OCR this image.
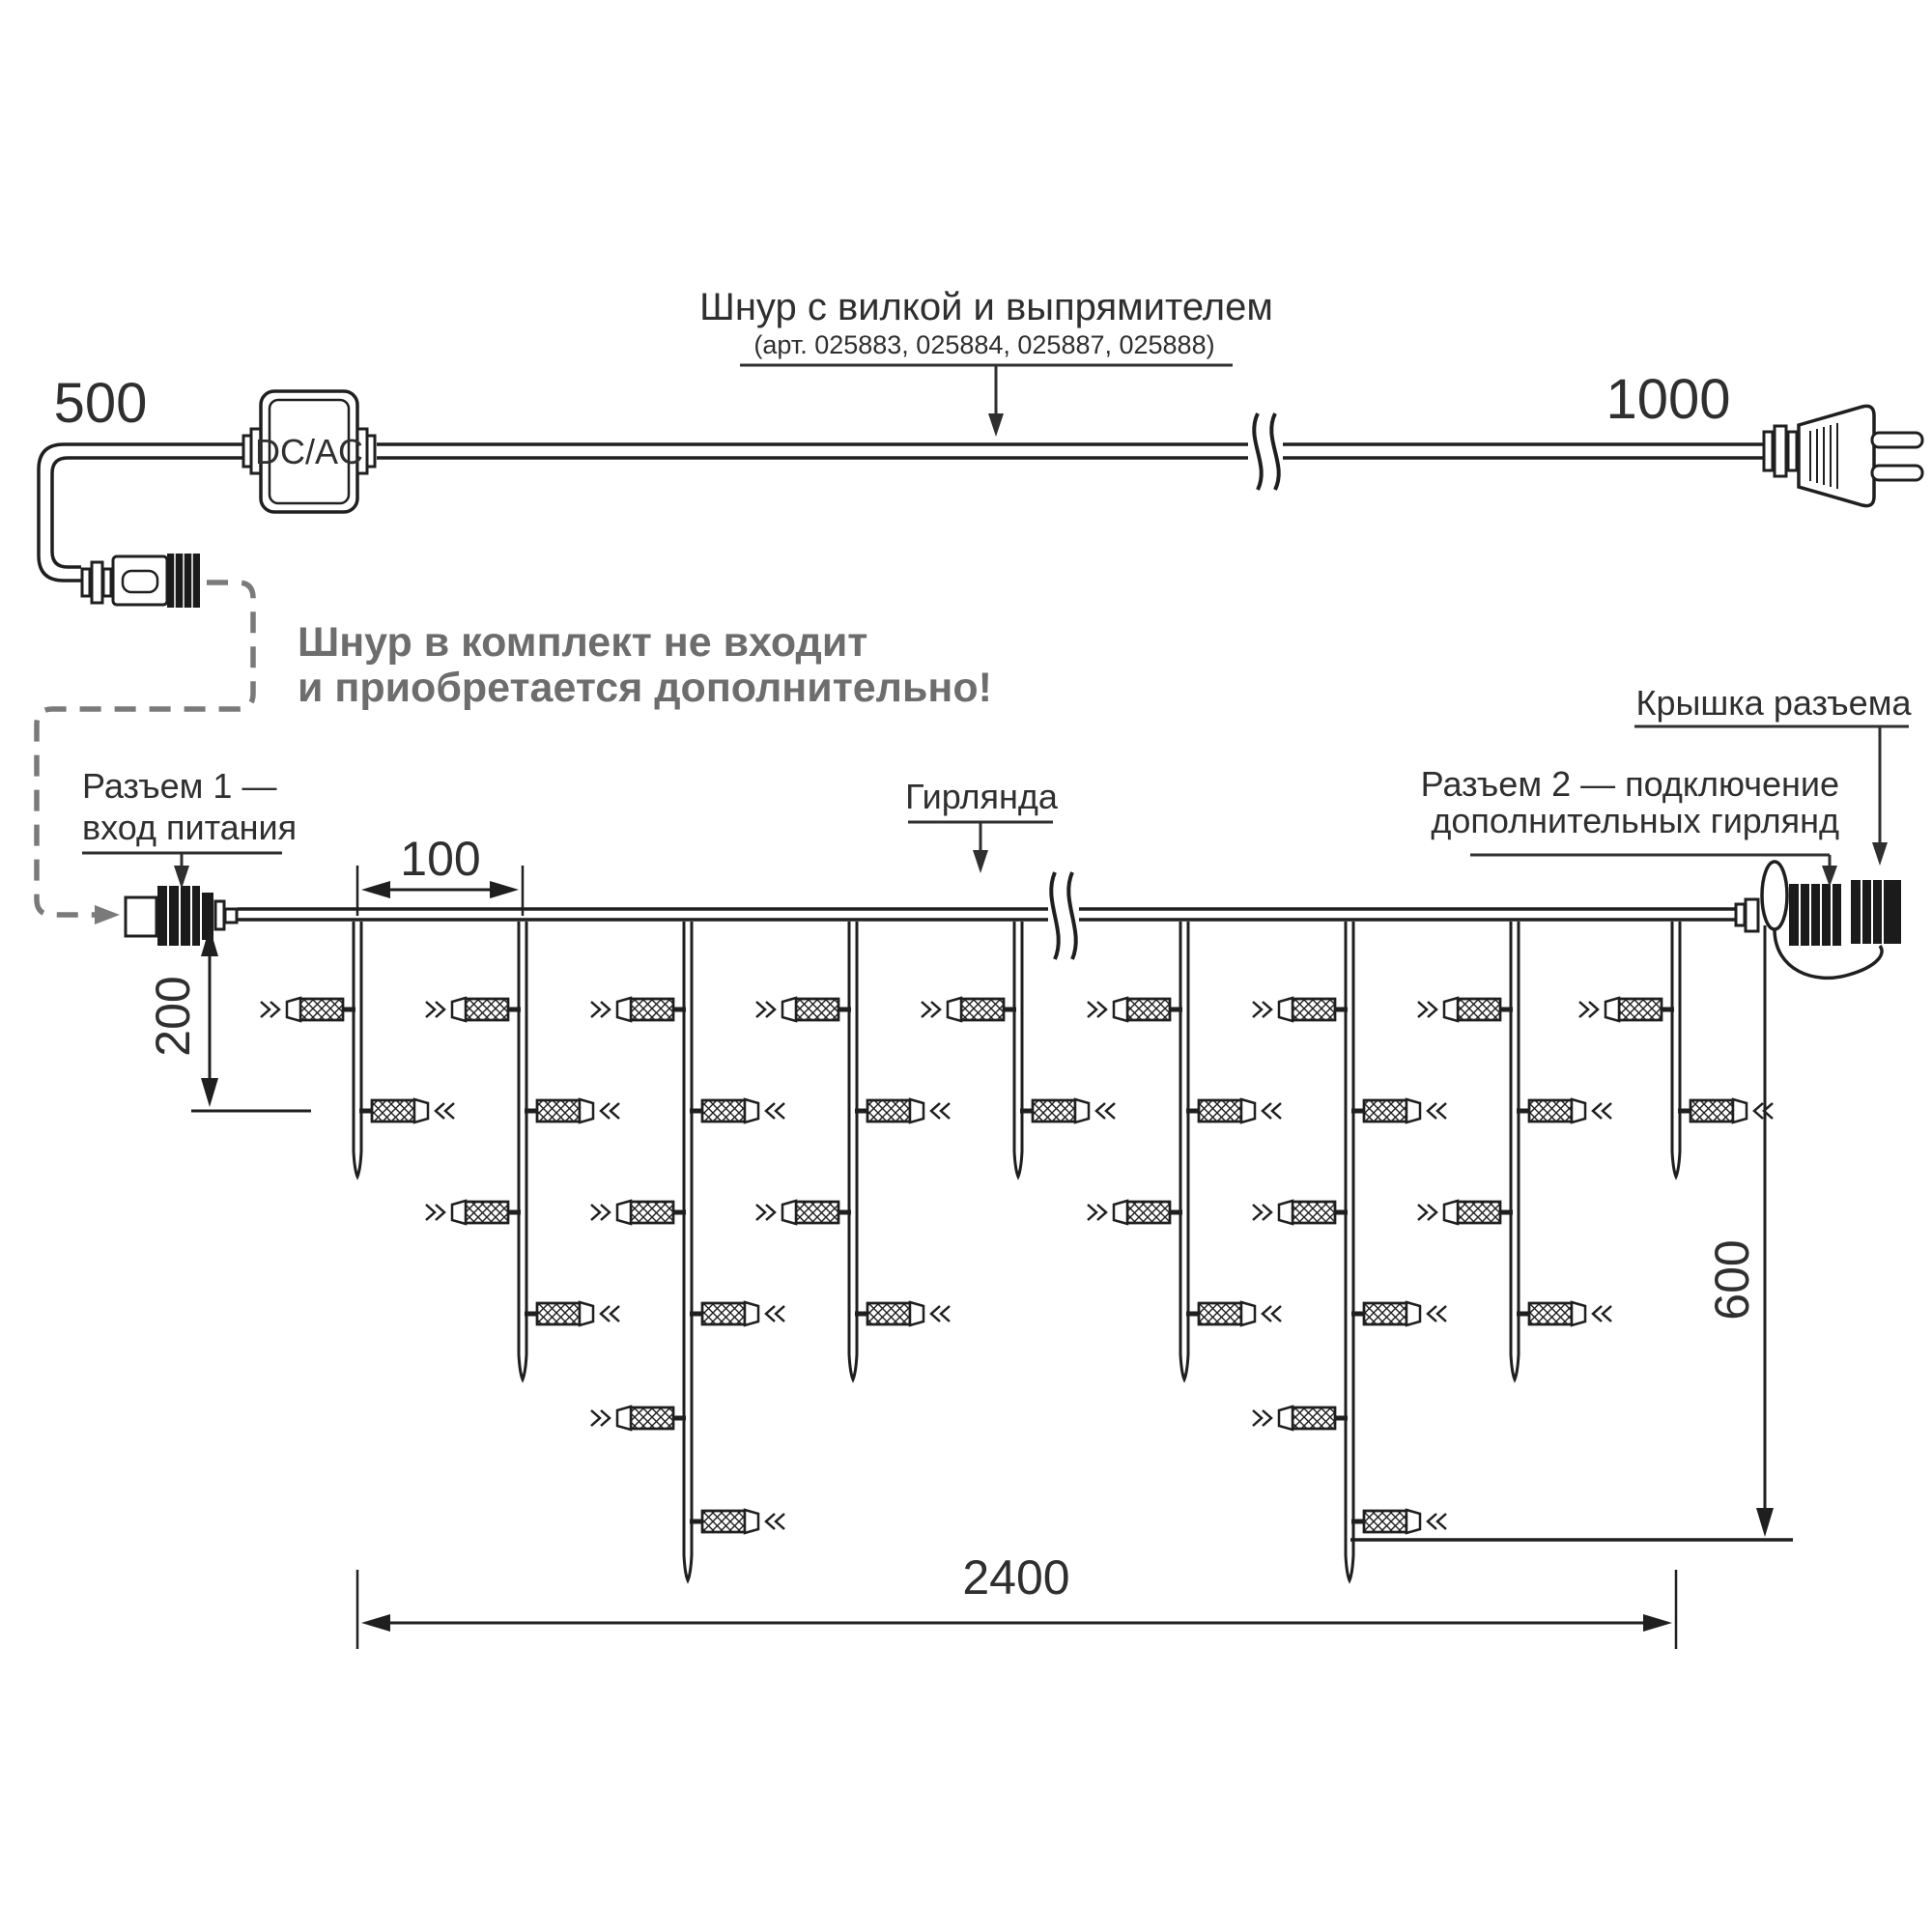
DC/AC
Шнур с вилкой и выпрямителем
(арт. 025883, 025884, 025887, 025888)
500	1000
Шнур в комплект не входит
и приобретается дополнительно!
Разъем 1 —
вход питания
Гирлянда
Крышка разъема
Разъем 2 — подключение
дополнительных гирлянд
100
200
600
2400
